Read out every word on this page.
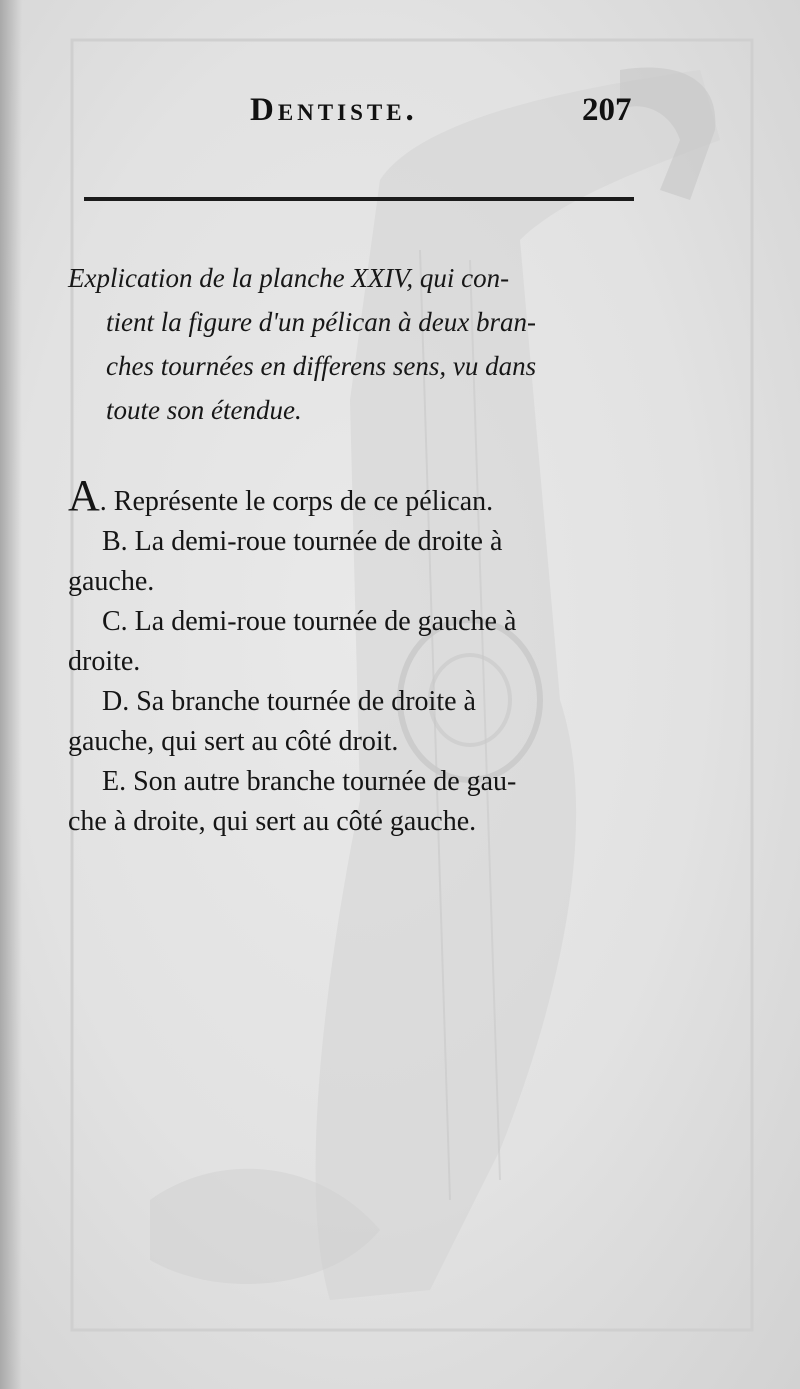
Dentiste.	207
Explication de la planche XXIV, qui con-
tient la figure d'un pélican à deux bran-
ches tournées en differens sens, vu dans
toute son étendue.
A. Représente le corps de ce pélican.
B. La demi-roue tournée de droite à
gauche.
C. La demi-roue tournée de gauche à
droite.
D. Sa branche tournée de droite à
gauche, qui sert au côté droit.
E. Son autre branche tournée de gau-
che à droite, qui sert au côté gauche.
